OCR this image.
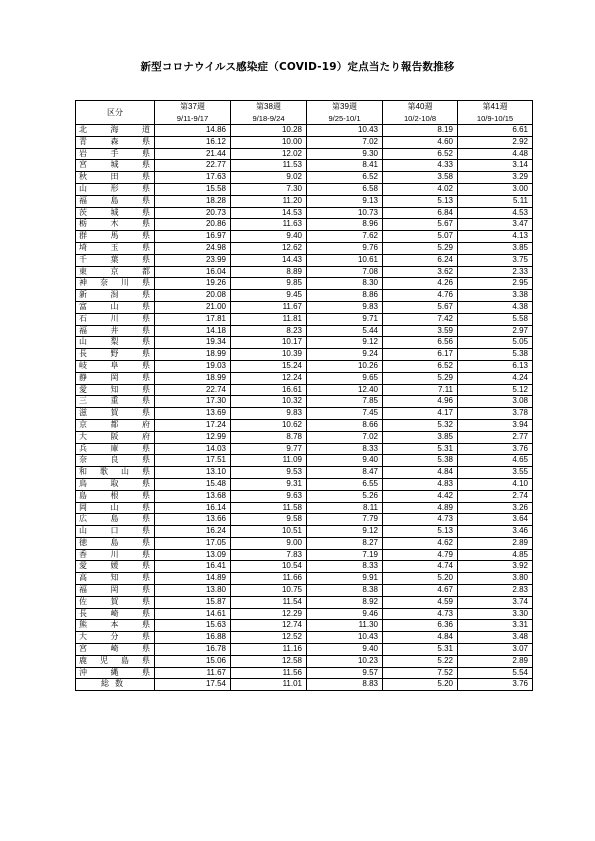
新型コロナウイルス感染症（COVID-19）定点当たり報告数推移
区分	第37週	第38週	第39週	第40週	第41週
	9/11-9/17	9/18-9/24	9/25-10/1	10/2-10/8	10/9-10/15
北海道	14.86	10.28	10.43	8.19	6.61
青森県	16.12	10.00	7.02	4.60	2.92
岩手県	21.44	12.02	9.30	6.52	4.48
宮城県	22.77	11.53	8.41	4.33	3.14
秋田県	17.63	9.02	6.52	3.58	3.29
山形県	15.58	7.30	6.58	4.02	3.00
福島県	18.28	11.20	9.13	5.13	5.11
茨城県	20.73	14.53	10.73	6.84	4.53
栃木県	20.86	11.63	8.96	5.67	3.47
群馬県	16.97	9.40	7.62	5.07	4.13
埼玉県	24.98	12.62	9.76	5.29	3.85
千葉県	23.99	14.43	10.61	6.24	3.75
東京都	16.04	8.89	7.08	3.62	2.33
神奈川県	19.26	9.85	8.30	4.26	2.95
新潟県	20.08	9.45	8.86	4.76	3.38
富山県	21.00	11.67	9.83	5.67	4.38
石川県	17.81	11.81	9.71	7.42	5.58
福井県	14.18	8.23	5.44	3.59	2.97
山梨県	19.34	10.17	9.12	6.56	5.05
長野県	18.99	10.39	9.24	6.17	5.38
岐阜県	19.03	15.24	10.26	6.52	6.13
静岡県	18.99	12.24	9.65	5.29	4.24
愛知県	22.74	16.61	12.40	7.11	5.12
三重県	17.30	10.32	7.85	4.96	3.08
滋賀県	13.69	9.83	7.45	4.17	3.78
京都府	17.24	10.62	8.66	5.32	3.94
大阪府	12.99	8.78	7.02	3.85	2.77
兵庫県	14.03	9.77	8.33	5.31	3.76
奈良県	17.51	11.09	9.40	5.38	4.65
和歌山県	13.10	9.53	8.47	4.84	3.55
鳥取県	15.48	9.31	6.55	4.83	4.10
島根県	13.68	9.63	5.26	4.42	2.74
岡山県	16.14	11.58	8.11	4.89	3.26
広島県	13.66	9.58	7.79	4.73	3.64
山口県	16.24	10.51	9.12	5.13	3.46
徳島県	17.05	9.00	8.27	4.62	2.89
香川県	13.09	7.83	7.19	4.79	4.85
愛媛県	16.41	10.54	8.33	4.74	3.92
高知県	14.89	11.66	9.91	5.20	3.80
福岡県	13.80	10.75	8.38	4.67	2.83
佐賀県	15.87	11.54	8.92	4.59	3.74
長崎県	14.61	12.29	9.46	4.73	3.30
熊本県	15.63	12.74	11.30	6.36	3.31
大分県	16.88	12.52	10.43	4.84	3.48
宮崎県	16.78	11.16	9.40	5.31	3.07
鹿児島県	15.06	12.58	10.23	5.22	2.89
沖縄県	11.67	11.56	9.57	7.52	5.54
総数	17.54	11.01	8.83	5.20	3.76
